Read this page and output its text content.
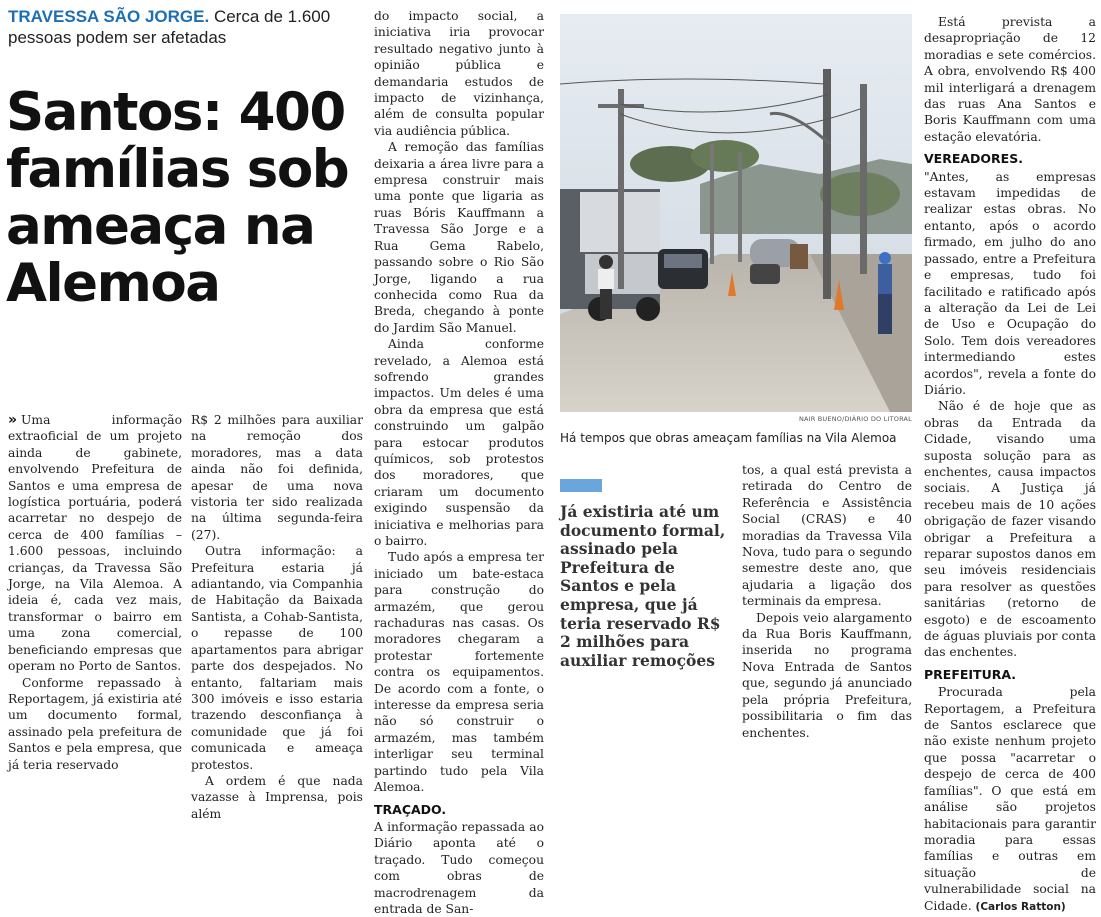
TRAVESSA SÃO JORGE. Cerca de 1.600 pessoas podem ser afetadas
Santos: 400 famílias sob ameaça na Alemoa

» Uma informação extraoficial de um projeto ainda de gabinete, envolvendo Prefeitura de Santos e uma empresa de logística portuária, poderá acarretar no despejo de cerca de 400 famílias – 1.600 pessoas, incluindo crianças, da Travessa São Jorge, na Vila Alemoa. A ideia é, cada vez mais, transformar o bairro em uma zona comercial, beneficiando empresas que operam no Porto de Santos.

Conforme repassado à Reportagem, já existiria até um documento formal, assinado pela prefeitura de Santos e pela empresa, que já teria reservado

R$ 2 milhões para auxiliar na remoção dos moradores, mas a data ainda não foi definida, apesar de uma nova vistoria ter sido realizada na última segunda-feira (27).

Outra informação: a Prefeitura estaria já adiantando, via Companhia de Habitação da Baixada Santista, a Cohab-Santista, o repasse de 100 apartamentos para abrigar parte dos despejados. No entanto, faltariam mais 300 imóveis e isso estaria trazendo desconfiança à comunidade que já foi comunicada e ameaça protestos.

A ordem é que nada vazasse à Imprensa, pois além

do impacto social, a iniciativa iria provocar resultado negativo junto à opinião pública e demandaria estudos de impacto de vizinhança, além de consulta popular via audiência pública.

A remoção das famílias deixaria a área livre para a empresa construir mais uma ponte que ligaria as ruas Bóris Kauffmann a Travessa São Jorge e a Rua Gema Rabelo, passando sobre o Rio São Jorge, ligando a rua conhecida como Rua da Breda, chegando à ponte do Jardim São Manuel.

Ainda conforme revelado, a Alemoa está sofrendo grandes impactos. Um deles é uma obra da empresa que está construindo um galpão para estocar produtos químicos, sob protestos dos moradores, que criaram um documento exigindo suspensão da iniciativa e melhorias para o bairro.

Tudo após a empresa ter iniciado um bate-estaca para construção do armazém, que gerou rachaduras nas casas. Os moradores chegaram a protestar fortemente contra os equipamentos. De acordo com a fonte, o interesse da empresa seria não só construir o armazém, mas também interligar seu terminal partindo tudo pela Vila Alemoa.

TRAÇADO.

A informação repassada ao Diário aponta até o traçado. Tudo começou com obras de macrodrenagem da entrada de San-

NAIR BUENO/DIÁRIO DO LITORAL
Há tempos que obras ameaçam famílias na Vila Alemoa
Já existiria até um documento formal, assinado pela Prefeitura de Santos e pela empresa, que já teria reservado R$ 2 milhões para auxiliar remoções

tos, a qual está prevista a retirada do Centro de Referência e Assistência Social (CRAS) e 40 moradias da Travessa Vila Nova, tudo para o segundo semestre deste ano, que ajudaria a ligação dos terminais da empresa.

Depois veio alargamento da Rua Boris Kauffmann, inserida no programa Nova Entrada de Santos que, segundo já anunciado pela própria Prefeitura, possibilitaria o fim das enchentes.

Está prevista a desapropriação de 12 moradias e sete comércios. A obra, envolvendo R$ 400 mil interligará a drenagem das ruas Ana Santos e Boris Kauffmann com uma estação elevatória.

VEREADORES.

"Antes, as empresas estavam impedidas de realizar estas obras. No entanto, após o acordo firmado, em julho do ano passado, entre a Prefeitura e empresas, tudo foi facilitado e ratificado após a alteração da Lei de Lei de Uso e Ocupação do Solo. Tem dois vereadores intermediando estes acordos", revela a fonte do Diário.

Não é de hoje que as obras da Entrada da Cidade, visando uma suposta solução para as enchentes, causa impactos sociais. A Justiça já recebeu mais de 10 ações obrigação de fazer visando obrigar a Prefeitura a reparar supostos danos em seu imóveis residenciais para resolver as questões sanitárias (retorno de esgoto) e de escoamento de águas pluviais por conta das enchentes.

PREFEITURA.

Procurada pela Reportagem, a Prefeitura de Santos esclarece que não existe nenhum projeto que possa "acarretar o despejo de cerca de 400 famílias". O que está em análise são projetos habitacionais para garantir moradia para essas famílias e outras em situação de vulnerabilidade social na Cidade. (Carlos Ratton)
